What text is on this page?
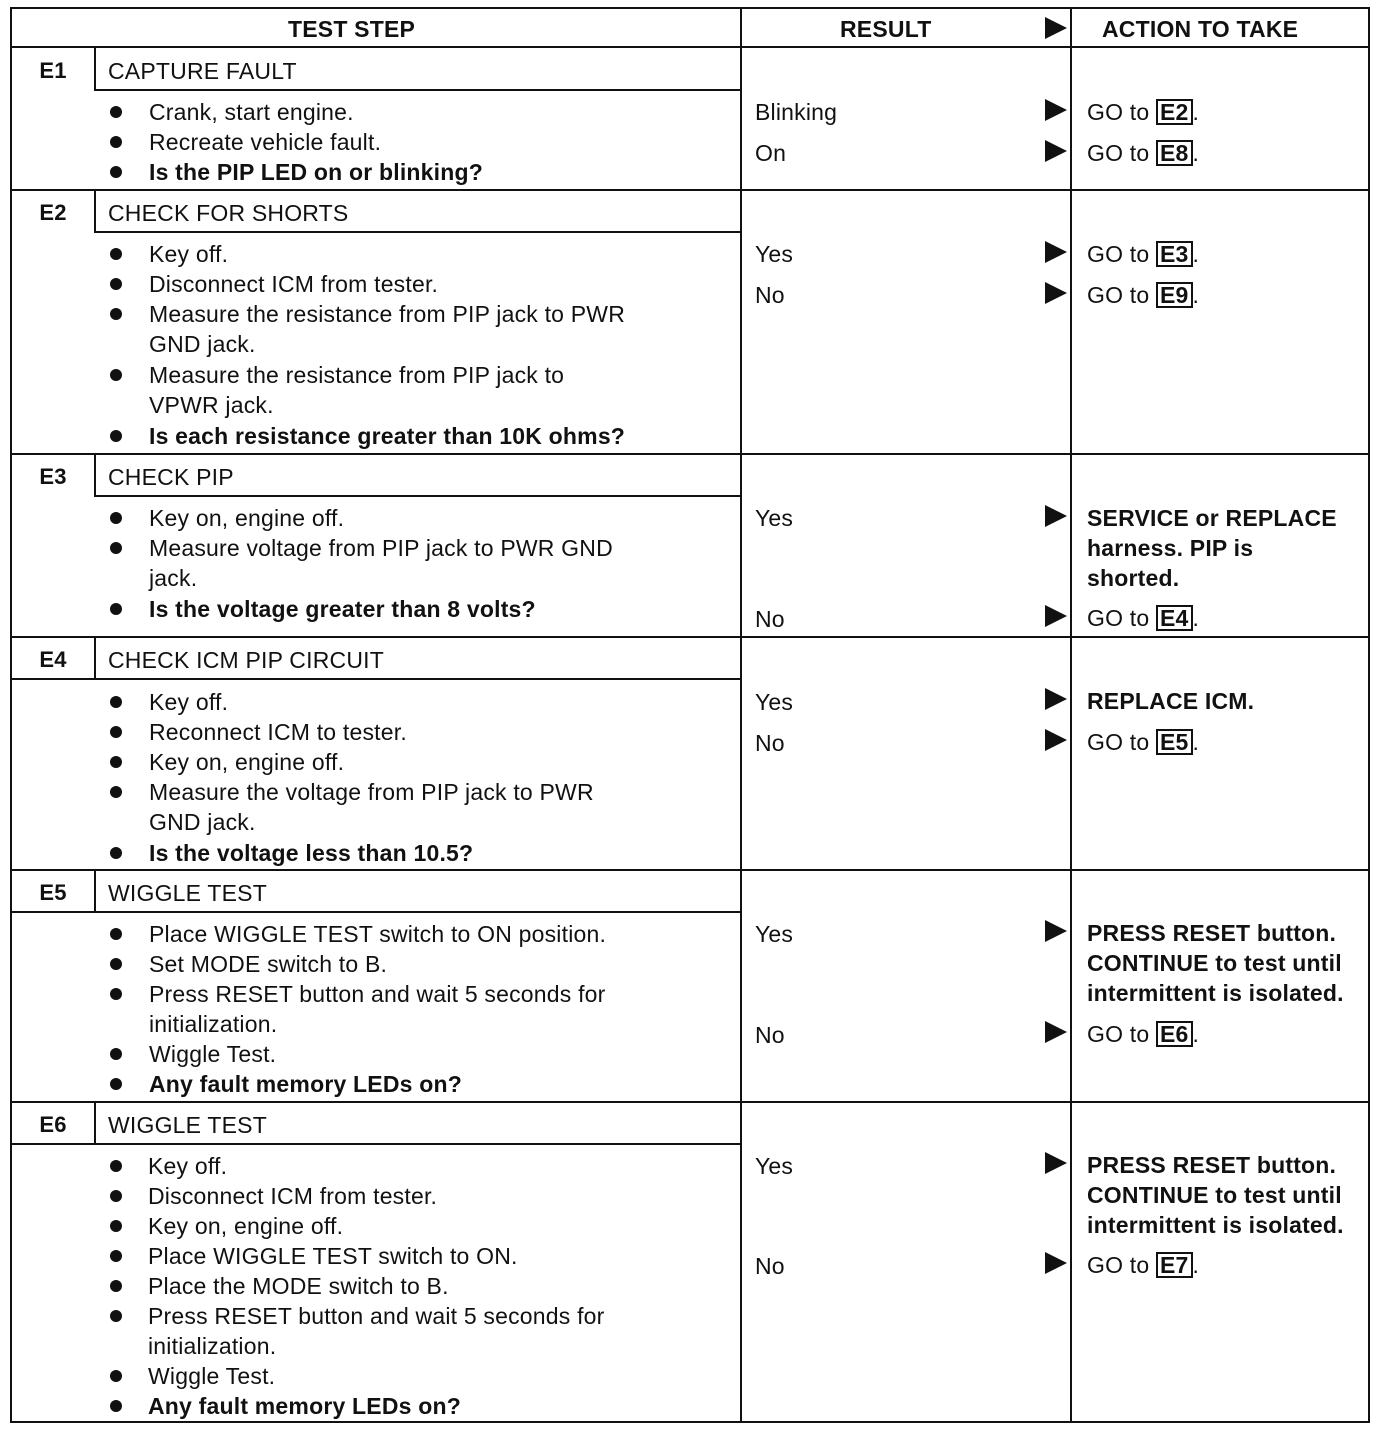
TEST STEP	RESULT	ACTION TO TAKE
E1	CAPTURE FAULT
Crank, start engine.
Recreate vehicle fault.
Is the PIP LED on or blinking?
Blinking	GO to E2 .
On	GO to E8 .
E2	CHECK FOR SHORTS
Key off.
Disconnect ICM from tester.
Measure the resistance from PIP jack to PWR
GND jack.
Measure the resistance from PIP jack to
VPWR jack.
Is each resistance greater than 10K ohms?
Yes	GO to E3 .
No	GO to E9 .
E3	CHECK PIP
Key on, engine off.
Measure voltage from PIP jack to PWR GND
jack.
Is the voltage greater than 8 volts?
Yes	SERVICE or REPLACE
harness. PIP is
shorted.
No	GO to E4 .
E4	CHECK ICM PIP CIRCUIT
Key off.
Reconnect ICM to tester.
Key on, engine off.
Measure the voltage from PIP jack to PWR
GND jack.
Is the voltage less than 10.5?
Yes	REPLACE ICM.
No	GO to E5 .
E5	WIGGLE TEST
Place WIGGLE TEST switch to ON position.
Set MODE switch to B.
Press RESET button and wait 5 seconds for
initialization.
Wiggle Test.
Any fault memory LEDs on?
Yes	PRESS RESET button.
CONTINUE to test until
intermittent is isolated.
No	GO to E6 .
E6	WIGGLE TEST
Key off.
Disconnect ICM from tester.
Key on, engine off.
Place WIGGLE TEST switch to ON.
Place the MODE switch to B.
Press RESET button and wait 5 seconds for
initialization.
Wiggle Test.
Any fault memory LEDs on?
Yes	PRESS RESET button.
CONTINUE to test until
intermittent is isolated.
No	GO to E7 .
